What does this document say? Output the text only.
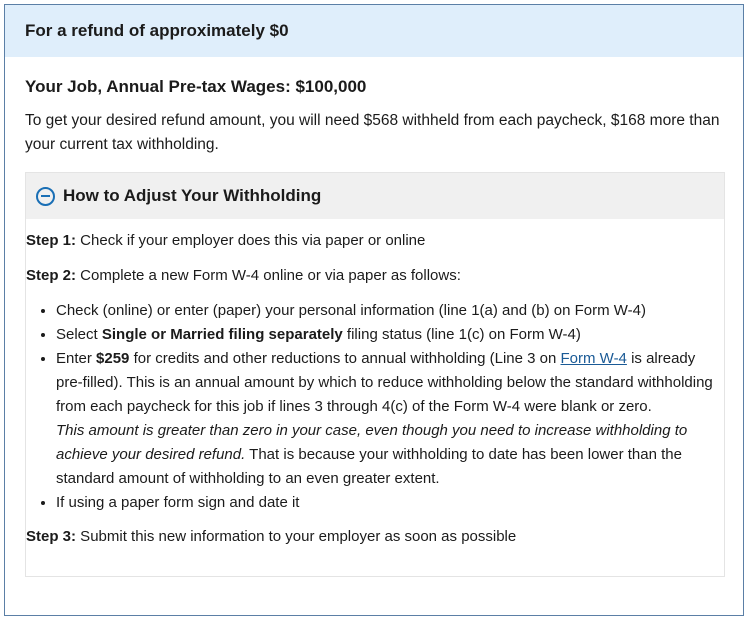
For a refund of approximately $0
Your Job, Annual Pre-tax Wages: $100,000

To get your desired refund amount, you will need $568 withheld from each paycheck, $168 more than your current tax withholding.

How to Adjust Your Withholding

Step 1: Check if your employer does this via paper or online

Step 2: Complete a new Form W-4 online or via paper as follows:

• Check (online) or enter (paper) your personal information (line 1(a) and (b) on Form W-4)
• Select Single or Married filing separately filing status (line 1(c) on Form W-4)
• Enter $259 for credits and other reductions to annual withholding (Line 3 on Form W-4 is already pre-filled). This is an annual amount by which to reduce withholding below the standard withholding from each paycheck for this job if lines 3 through 4(c) of the Form W-4 were blank or zero.
This amount is greater than zero in your case, even though you need to increase withholding to achieve your desired refund. That is because your withholding to date has been lower than the standard amount of withholding to an even greater extent.
• If using a paper form sign and date it

Step 3: Submit this new information to your employer as soon as possible
